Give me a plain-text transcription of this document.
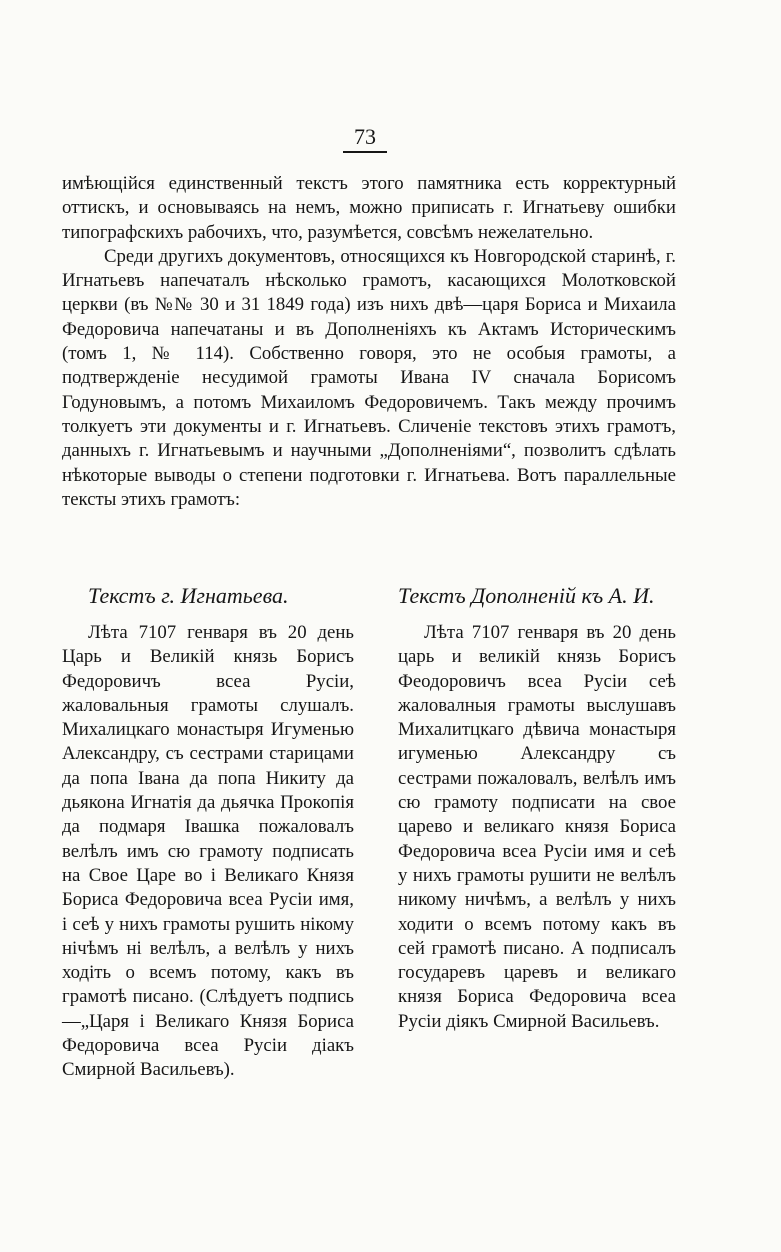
73

имѣющійся единственный текстъ этого памятника есть корректурный оттискъ, и основываясь на немъ, можно приписать г. Игнатьеву ошибки типографскихъ рабочихъ, что, разумѣется, совсѣмъ нежелательно.

Среди другихъ документовъ, относящихся къ Новгородской старинѣ, г. Игнатьевъ напечаталъ нѣсколько грамотъ, касающихся Молотковской церкви (въ №№ 30 и 31 1849 года) изъ нихъ двѣ—царя Бориса и Михаила Федоровича напечатаны и въ Дополненіяхъ къ Актамъ Историческимъ (томъ 1, № 114). Собственно говоря, это не особыя грамоты, а подтвержденіе несудимой грамоты Ивана IV сначала Борисомъ Годуновымъ, а потомъ Михаиломъ Федоровичемъ. Такъ между прочимъ толкуетъ эти документы и г. Игнатьевъ. Сличеніе текстовъ этихъ грамотъ, данныхъ г. Игнатьевымъ и научными „Дополненіями“, позволитъ сдѣлать нѣкоторые выводы о степени подготовки г. Игнатьева. Вотъ параллельные тексты этихъ грамотъ:

Текстъ г. Игнатьева.

Лѣта 7107 генваря въ 20 день Царь и Великій князь Борисъ Федоровичъ всеа Русіи, жаловальныя грамоты слушалъ. Михалицкаго монастыря Игуменью Александру, съ сестрами старицами да попа Івана да попа Никиту да дьякона Игнатія да дьячка Прокопія да подмаря Івашка пожаловалъ велѣлъ имъ сю грамоту подписать на Свое Царе во і Великаго Князя Бориса Федоровича всеа Русіи имя, і сеѣ у нихъ грамоты рушить нікому нічѣмъ ні велѣлъ, а велѣлъ у нихъ ходіть о всемъ потому, какъ въ грамотѣ писано. (Слѣдуетъ подпись—„Царя і Великаго Князя Бориса Федоровича всеа Русіи діакъ Смирной Васильевъ).

Текстъ Дополненій къ А. И.

Лѣта 7107 генваря въ 20 день царь и великій князь Борисъ Феодоровичъ всеа Русіи сеѣ жаловалныя грамоты выслушавъ Михалитцкаго дѣвича монастыря игуменью Александру съ сестрами пожаловалъ, велѣлъ имъ сю грамоту подписати на свое царево и великаго князя Бориса Федоровича всеа Русіи имя и сеѣ у нихъ грамоты рушити не велѣлъ никому ничѣмъ, а велѣлъ у нихъ ходити о всемъ потому какъ въ сей грамотѣ писано. А подписалъ государевъ царевъ и великаго князя Бориса Федоровича всеа Русіи діякъ Смирной Васильевъ.
